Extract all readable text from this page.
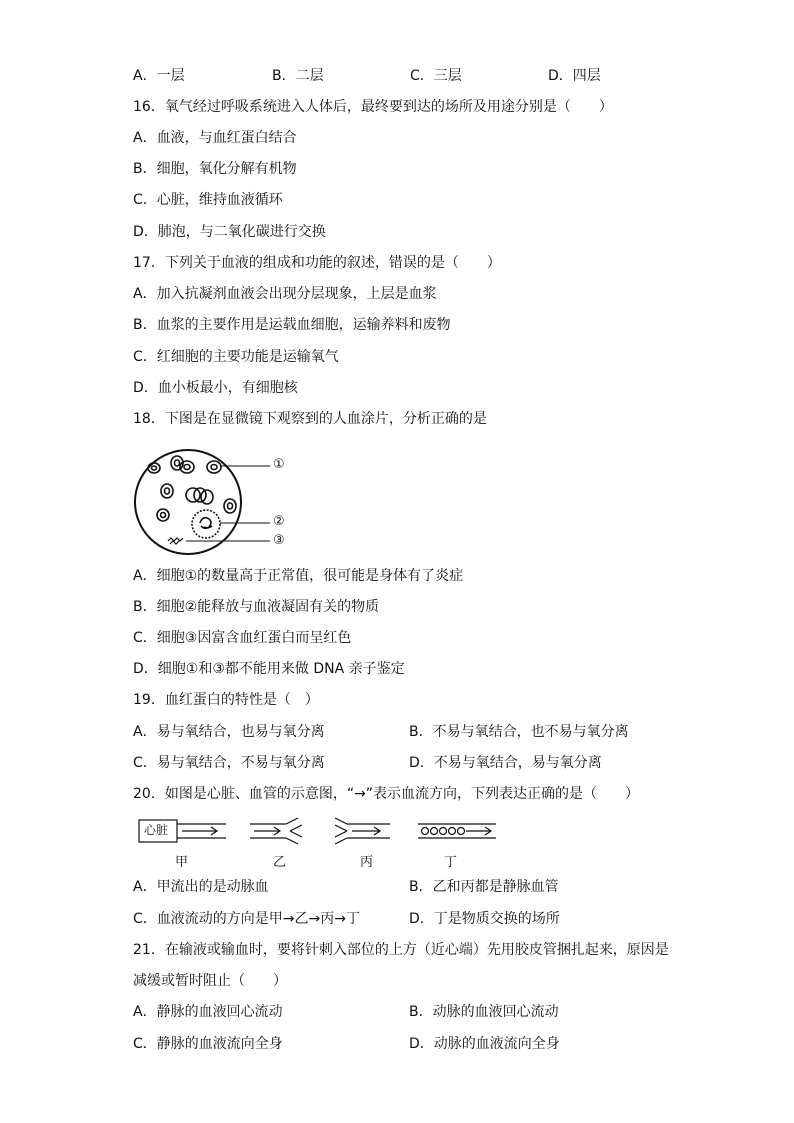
A．一层	B．二层	C．三层	D．四层
16．氧气经过呼吸系统进入人体后，最终要到达的场所及用途分别是（　　）
A．血液，与血红蛋白结合
B．细胞，氧化分解有机物
C．心脏，维持血液循环
D．肺泡，与二氧化碳进行交换
17．下列关于血液的组成和功能的叙述，错误的是（　　）
A．加入抗凝剂血液会出现分层现象，上层是血浆
B．血浆的主要作用是运载血细胞，运输养料和废物
C．红细胞的主要功能是运输氧气
D．血小板最小，有细胞核
18．下图是在显微镜下观察到的人血涂片，分析正确的是
①
②
③
A．细胞①的数量高于正常值，很可能是身体有了炎症
B．细胞②能释放与血液凝固有关的物质
C．细胞③因富含血红蛋白而呈红色
D．细胞①和③都不能用来做 DNA 亲子鉴定
19．血红蛋白的特性是（　）
A．易与氧结合，也易与氧分离	B．不易与氧结合，也不易与氧分离
C．易与氧结合，不易与氧分离	D．不易与氧结合，易与氧分离
20．如图是心脏、血管的示意图，“→”表示血流方向，下列表达正确的是（　　）
心脏
甲	乙	丙	丁
A．甲流出的是动脉血	B．乙和丙都是静脉血管
C．血液流动的方向是甲→乙→丙→丁	D．丁是物质交换的场所
21．在输液或输血时，要将针刺入部位的上方（近心端）先用胶皮管捆扎起来，原因是
减缓或暂时阻止（　　）
A．静脉的血液回心流动	B．动脉的血液回心流动
C．静脉的血液流向全身	D．动脉的血液流向全身
